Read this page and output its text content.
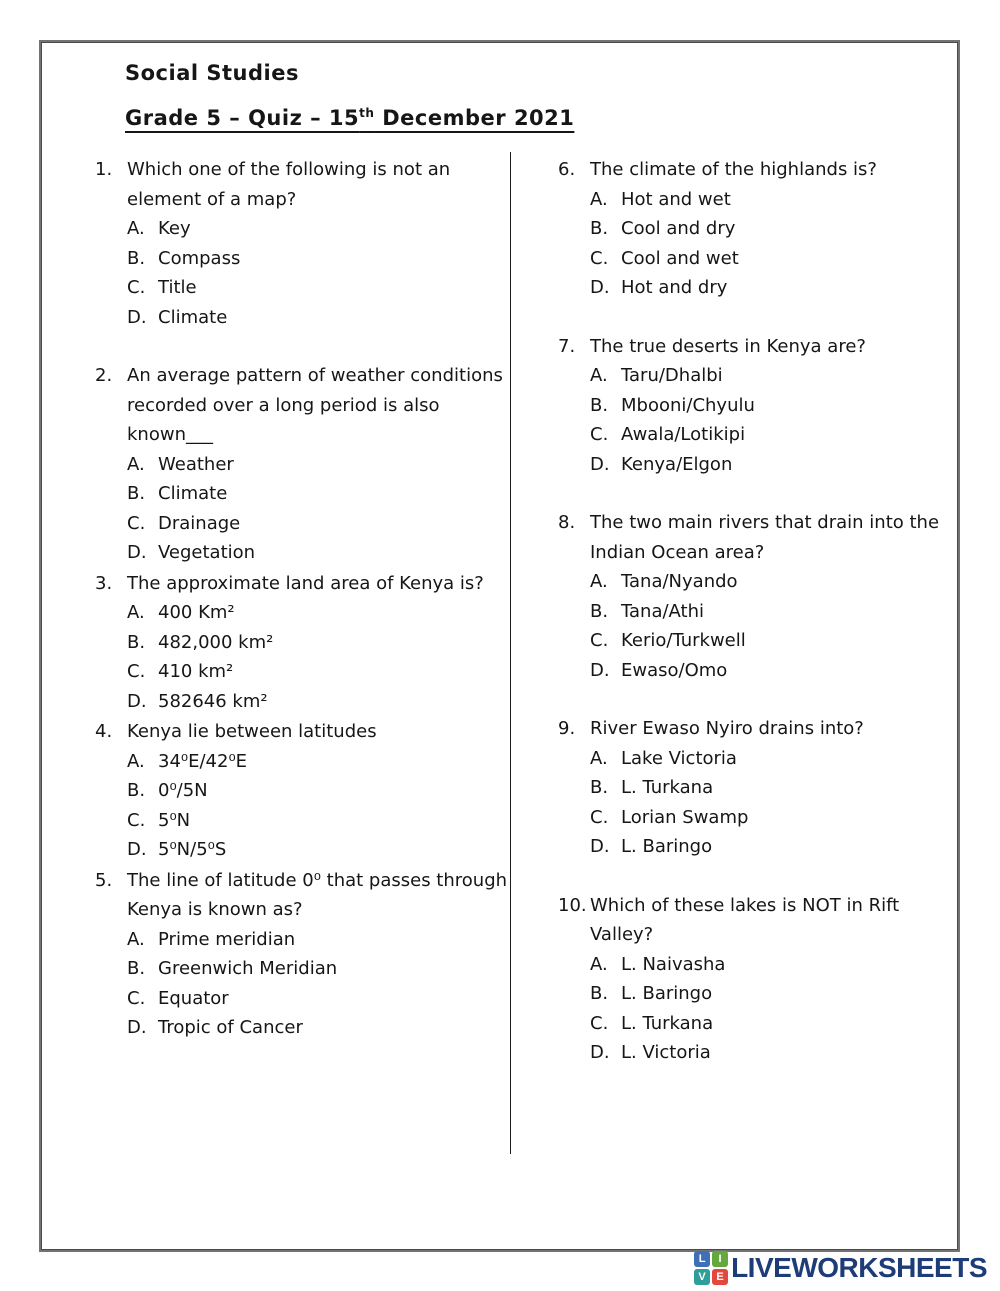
Social Studies
Grade 5 – Quiz – 15th December 2021
1. Which one of the following is not an element of a map?
A. Key
B. Compass
C. Title
D. Climate
2. An average pattern of weather conditions recorded over a long period is also known___
A. Weather
B. Climate
C. Drainage
D. Vegetation
3. The approximate land area of Kenya is?
A. 400 Km²
B. 482,000 km²
C. 410 km²
D. 582646 km²
4. Kenya lie between latitudes
A. 34⁰E/42⁰E
B. 0⁰/5N
C. 5⁰N
D. 5⁰N/5⁰S
5. The line of latitude 0⁰ that passes through Kenya is known as?
A. Prime meridian
B. Greenwich Meridian
C. Equator
D. Tropic of Cancer
6. The climate of the highlands is?
A. Hot and wet
B. Cool and dry
C. Cool and wet
D. Hot and dry
7. The true deserts in Kenya are?
A. Taru/Dhalbi
B. Mbooni/Chyulu
C. Awala/Lotikipi
D. Kenya/Elgon
8. The two main rivers that drain into the Indian Ocean area?
A. Tana/Nyando
B. Tana/Athi
C. Kerio/Turkwell
D. Ewaso/Omo
9. River Ewaso Nyiro drains into?
A. Lake Victoria
B. L. Turkana
C. Lorian Swamp
D. L. Baringo
10. Which of these lakes is NOT in Rift Valley?
A. L. Naivasha
B. L. Baringo
C. L. Turkana
D. L. Victoria
L	I
V E LIVEWORKSHEETS
